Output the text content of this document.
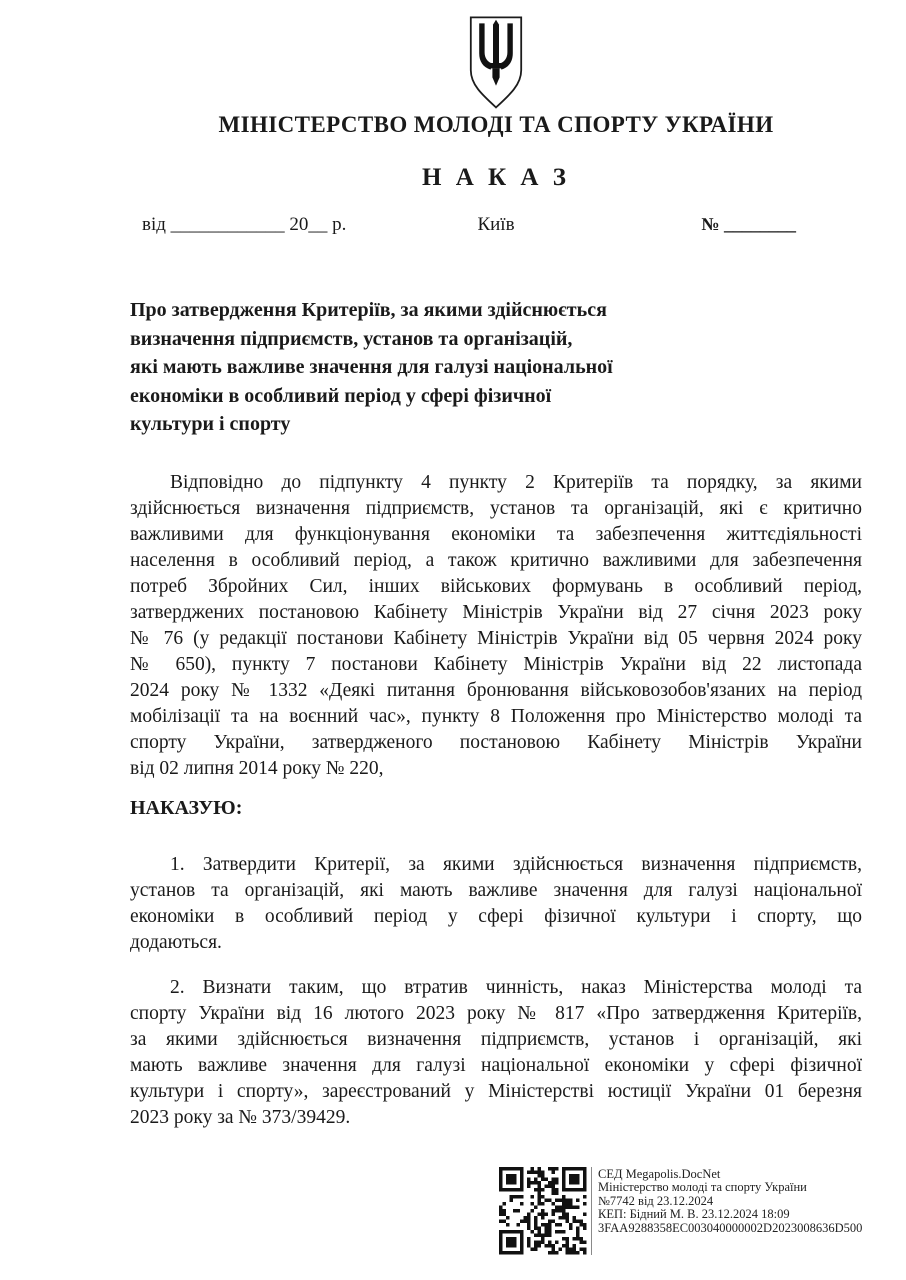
МІНІСТЕРСТВО МОЛОДІ ТА СПОРТУ УКРАЇНИ
Н А К А З
від ____________ 20__ р.	Київ	№ ________
Про затвердження Критеріїв, за якими здійснюється
визначення підприємств, установ та організацій,
які мають важливе значення для галузі національної
економіки в особливий період у сфері фізичної
культури і спорту
Відповідно до підпункту 4 пункту 2 Критеріїв та порядку, за якими
здійснюється визначення підприємств, установ та організацій, які є критично
важливими для функціонування економіки та забезпечення життєдіяльності
населення в особливий період, а також критично важливими для забезпечення
потреб Збройних Сил, інших військових формувань в особливий період,
затверджених постановою Кабінету Міністрів України від 27 січня 2023 року
№ 76 (у редакції постанови Кабінету Міністрів України від 05 червня 2024 року
№ 650), пункту 7 постанови Кабінету Міністрів України від 22 листопада
2024 року № 1332 «Деякі питання бронювання військовозобов'язаних на період
мобілізації та на воєнний час», пункту 8 Положення про Міністерство молоді та
спорту України, затвердженого постановою Кабінету Міністрів України
від 02 липня 2014 року № 220,
НАКАЗУЮ:
1. Затвердити Критерії, за якими здійснюється визначення підприємств,
установ та організацій, які мають важливе значення для галузі національної
економіки в особливий період у сфері фізичної культури і спорту, що
додаються.
2. Визнати таким, що втратив чинність, наказ Міністерства молоді та
спорту України від 16 лютого 2023 року № 817 «Про затвердження Критеріїв,
за якими здійснюється визначення підприємств, установ і організацій, які
мають важливе значення для галузі національної економіки у сфері фізичної
культури і спорту», зареєстрований у Міністерстві юстиції України 01 березня
2023 року за № 373/39429.
СЕД Megapolis.DocNet
Міністерство молоді та спорту України
№7742 від 23.12.2024
КЕП: Бідний М. В. 23.12.2024 18:09
3FAA9288358EC003040000002D2023008636D500
